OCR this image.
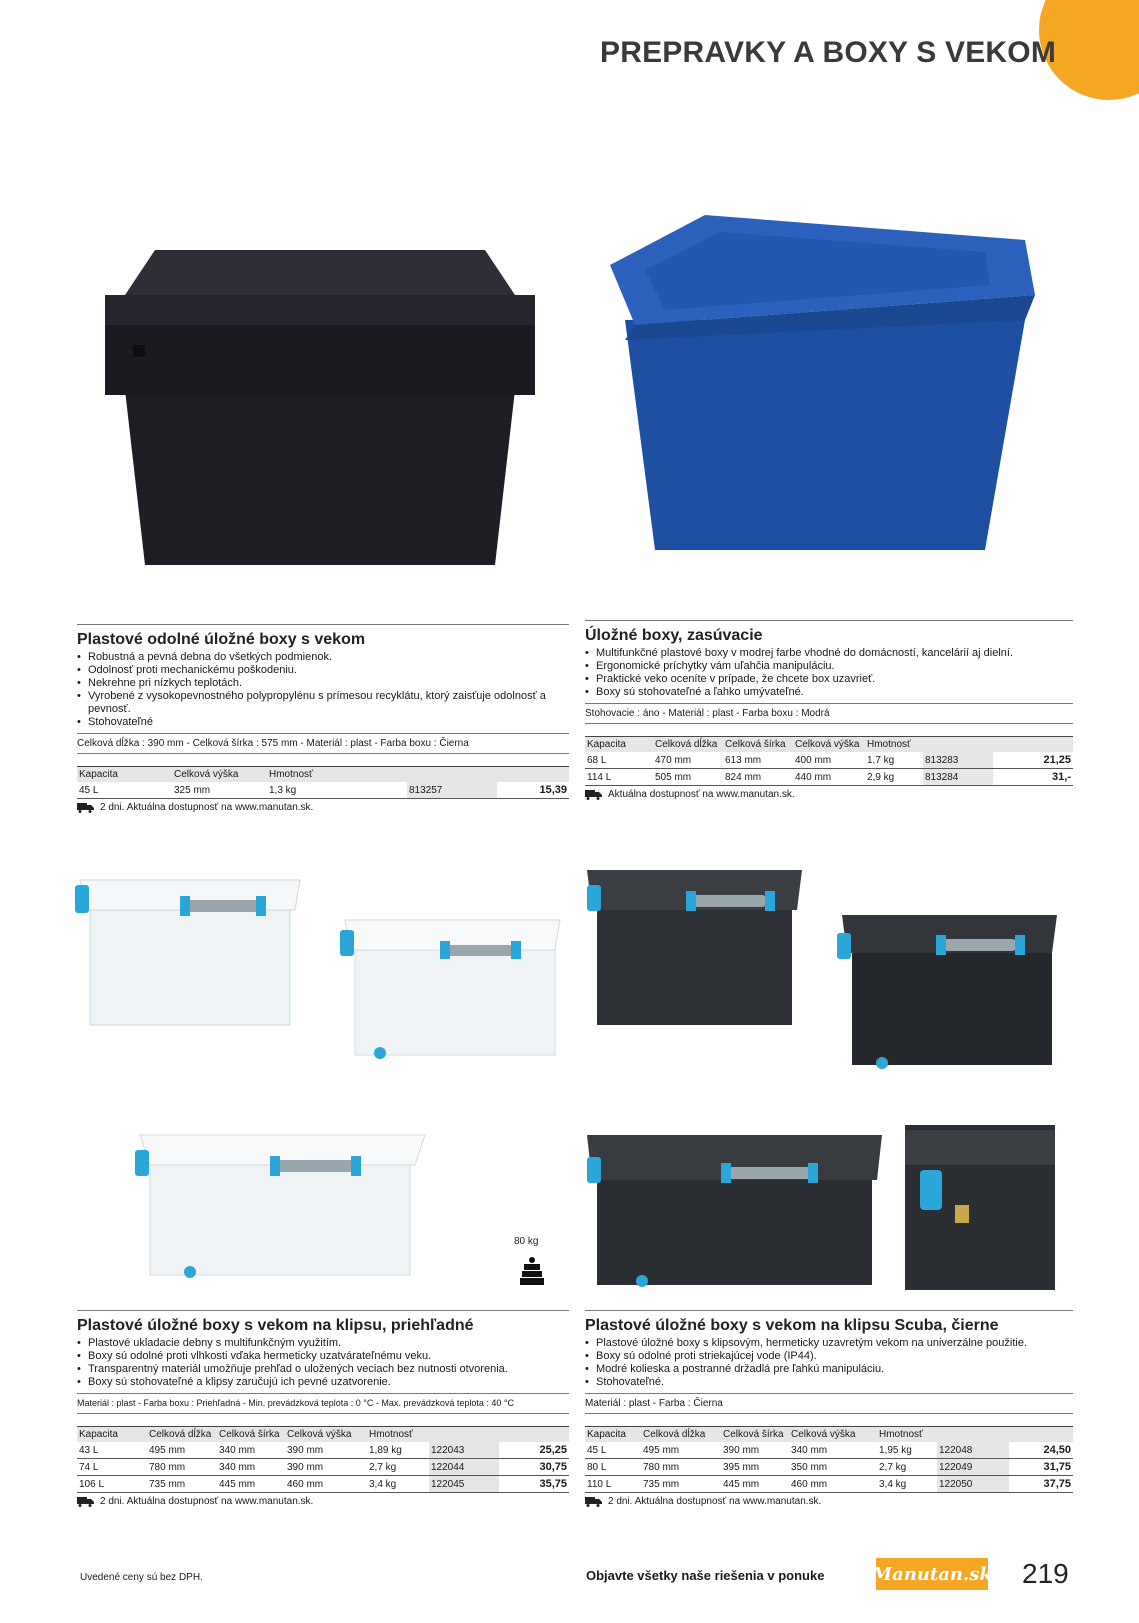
PREPRAVKY A BOXY S VEKOM
Plastové odolné úložné boxy s vekom
• Robustná a pevná debna do všetkých podmienok.
• Odolnosť proti mechanickému poškodeniu.
• Nekrehne pri nízkych teplotách.
• Vyrobené z vysokopevnostného polypropylénu s prímesou recyklátu, ktorý zaisťuje odolnosť a pevnosť.
• Stohovateľné
Celková dĺžka : 390 mm - Celková šírka : 575 mm - Materiál : plast - Farba boxu : Čierna
Kapacita	Celková výška	Hmotnosť		
45 L	325 mm	1,3 kg	813257	15,39
2 dni. Aktuálna dostupnosť na www.manutan.sk.
Úložné boxy, zasúvacie
• Multifunkčné plastové boxy v modrej farbe vhodné do domácností, kancelárií aj dielní.
• Ergonomické príchytky vám uľahčia manipuláciu.
• Praktické veko oceníte v prípade, že chcete box uzavrieť.
• Boxy sú stohovateľné a ľahko umývateľné.
Stohovacie : áno - Materiál : plast - Farba boxu : Modrá
Kapacita	Celková dĺžka	Celková šírka	Celková výška	Hmotnosť		
68 L	470 mm	613 mm	400 mm	1,7 kg	813283	21,25
114 L	505 mm	824 mm	440 mm	2,9 kg	813284	31,-
Aktuálna dostupnosť na www.manutan.sk.
80 kg
Plastové úložné boxy s vekom na klipsu, priehľadné
• Plastové ukladacie debny s multifunkčným využitím.
• Boxy sú odolné proti vlhkosti vďaka hermeticky uzatvárateľnému veku.
• Transparentný materiál umožňuje prehľad o uložených veciach bez nutnosti otvorenia.
• Boxy sú stohovateľné a klipsy zaručujú ich pevné uzatvorenie.
Materiál : plast - Farba boxu : Priehľadná - Min. prevádzková teplota : 0 °C - Max. prevádzková teplota : 40 °C
Kapacita	Celková dĺžka	Celková šírka	Celková výška	Hmotnosť		
43 L	495 mm	340 mm	390 mm	1,89 kg	122043	25,25
74 L	780 mm	340 mm	390 mm	2,7 kg	122044	30,75
106 L	735 mm	445 mm	460 mm	3,4 kg	122045	35,75
2 dni. Aktuálna dostupnosť na www.manutan.sk.
Plastové úložné boxy s vekom na klipsu Scuba, čierne
• Plastové úložné boxy s klipsovým, hermeticky uzavretým vekom na univerzálne použitie.
• Boxy sú odolné proti striekajúcej vode (IP44).
• Modré kolieska a postranné držadlá pre ľahkú manipuláciu.
• Stohovateľné.
Materiál : plast - Farba : Čierna
Kapacita	Celková dĺžka	Celková šírka	Celková výška	Hmotnosť		
45 L	495 mm	390 mm	340 mm	1,95 kg	122048	24,50
80 L	780 mm	395 mm	350 mm	2,7 kg	122049	31,75
110 L	735 mm	445 mm	460 mm	3,4 kg	122050	37,75
2 dni. Aktuálna dostupnosť na www.manutan.sk.
Uvedené ceny sú bez DPH.	Objavte všetky naše riešenia v ponuke	Manutan.sk 219
